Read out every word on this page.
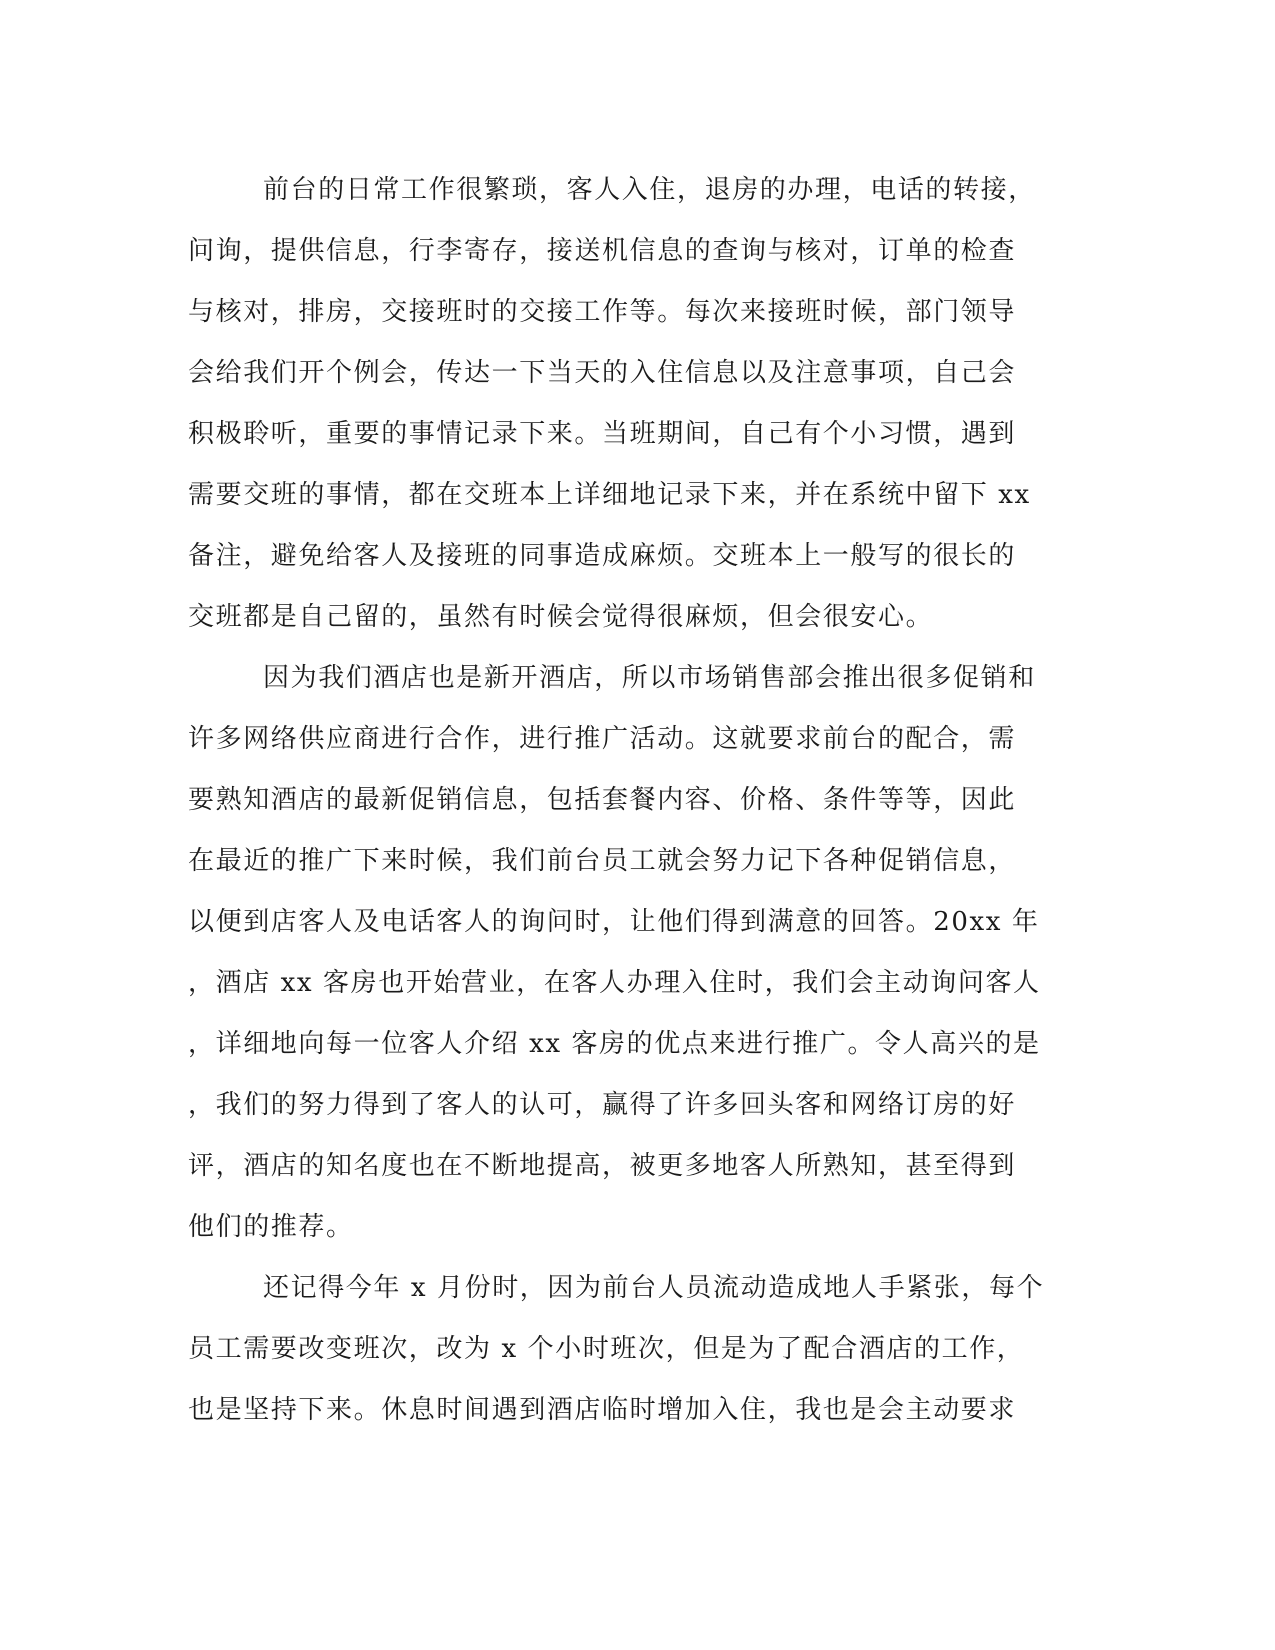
前台的日常工作很繁琐，客人入住，退房的办理，电话的转接，
问询，提供信息，行李寄存，接送机信息的查询与核对，订单的检查
与核对，排房，交接班时的交接工作等。每次来接班时候，部门领导
会给我们开个例会，传达一下当天的入住信息以及注意事项，自己会
积极聆听，重要的事情记录下来。当班期间，自己有个小习惯，遇到
需要交班的事情，都在交班本上详细地记录下来，并在系统中留下 xx
备注，避免给客人及接班的同事造成麻烦。交班本上一般写的很长的
交班都是自己留的，虽然有时候会觉得很麻烦，但会很安心。
因为我们酒店也是新开酒店，所以市场销售部会推出很多促销和
许多网络供应商进行合作，进行推广活动。这就要求前台的配合，需
要熟知酒店的最新促销信息，包括套餐内容、价格、条件等等，因此
在最近的推广下来时候，我们前台员工就会努力记下各种促销信息，
以便到店客人及电话客人的询问时，让他们得到满意的回答。20xx 年
，酒店 xx 客房也开始营业，在客人办理入住时，我们会主动询问客人
，详细地向每一位客人介绍 xx 客房的优点来进行推广。令人高兴的是
，我们的努力得到了客人的认可，赢得了许多回头客和网络订房的好
评，酒店的知名度也在不断地提高，被更多地客人所熟知，甚至得到
他们的推荐。
还记得今年 x 月份时，因为前台人员流动造成地人手紧张，每个
员工需要改变班次，改为 x 个小时班次，但是为了配合酒店的工作，
也是坚持下来。休息时间遇到酒店临时增加入住，我也是会主动要求
